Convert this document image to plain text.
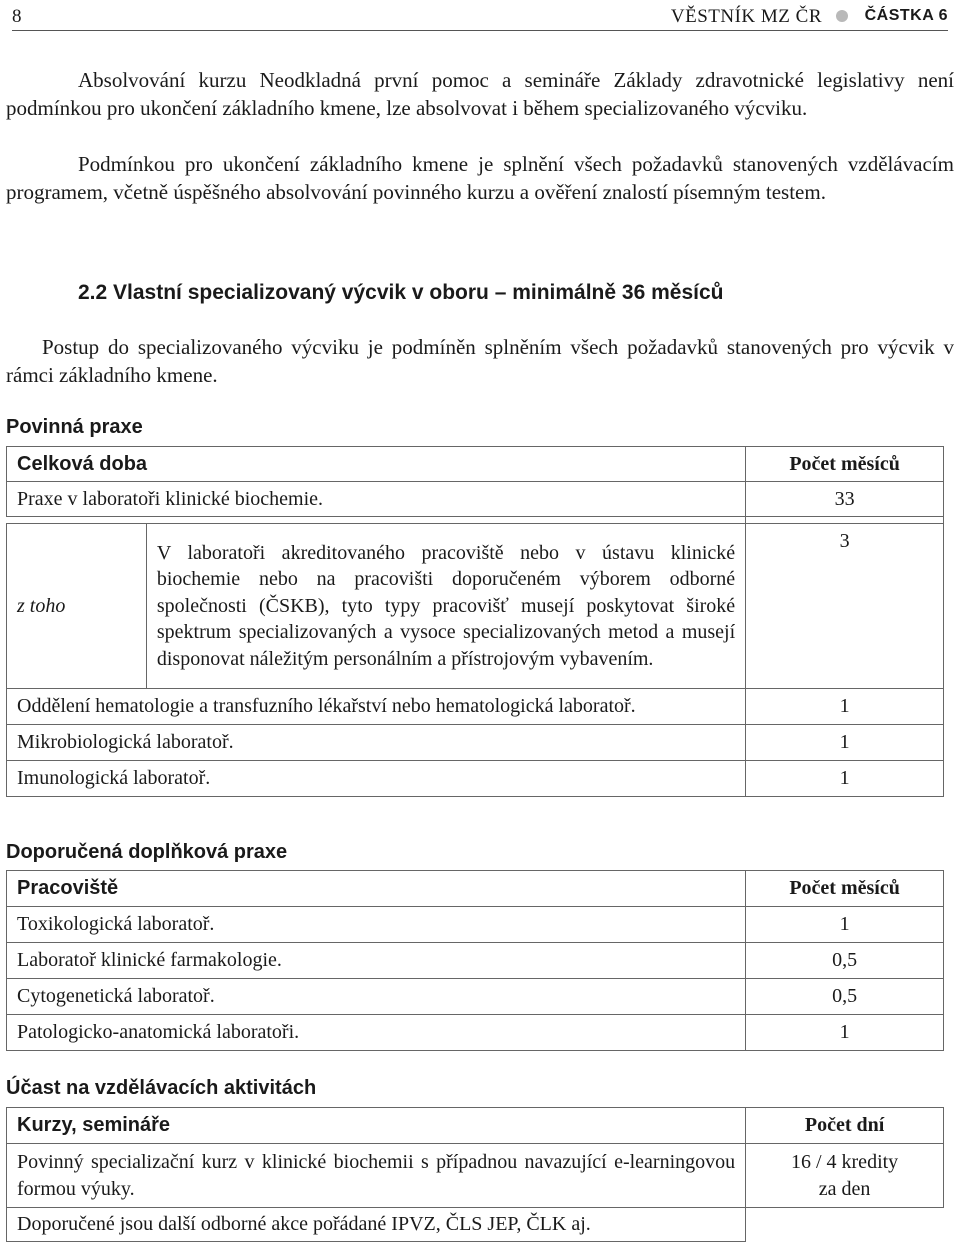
8	VĚSTNÍK MZ ČR	ČÁSTKA 6
Absolvování kurzu Neodkladná první pomoc a semináře Základy zdravotnické legislativy není podmínkou pro ukončení základního kmene, lze absolvovat i během specializovaného výcviku.
Podmínkou pro ukončení základního kmene je splnění všech požadavků stanovených vzdělávacím programem, včetně úspěšného absolvování povinného kurzu a ověření znalostí písemným testem.
2.2 Vlastní specializovaný výcvik v oboru – minimálně 36 měsíců
Postup do specializovaného výcviku je podmíněn splněním všech požadavků stanovených pro výcvik v rámci základního kmene.
Povinná praxe
Celková doba		Počet měsíců
Praxe v laboratoři klinické biochemie.		33

z toho	V laboratoři akreditovaného pracoviště nebo v ústavu klinické biochemie nebo na pracovišti doporučeném výborem odborné společnosti (ČSKB), tyto typy pracovišť musejí poskytovat široké spektrum specializovaných a vysoce specializovaných metod a musejí disponovat náležitým personálním a přístrojovým vybavením.	3
Oddělení hematologie a transfuzního lékařství nebo hematologická laboratoř.		1
Mikrobiologická laboratoř.		1
Imunologická laboratoř.		1
Doporučená doplňková praxe
Pracoviště	Počet měsíců
Toxikologická laboratoř.	1
Laboratoř klinické farmakologie.	0,5
Cytogenetická laboratoř.	0,5
Patologicko-anatomická laboratoři.	1
Účast na vzdělávacích aktivitách
Kurzy, semináře	Počet dní
Povinný specializační kurz v klinické biochemii s případnou navazující e-learningovou formou výuky.	16 / 4 kredity
za den

Doporučené jsou další odborné akce pořádané IPVZ, ČLS JEP, ČLK aj.	
